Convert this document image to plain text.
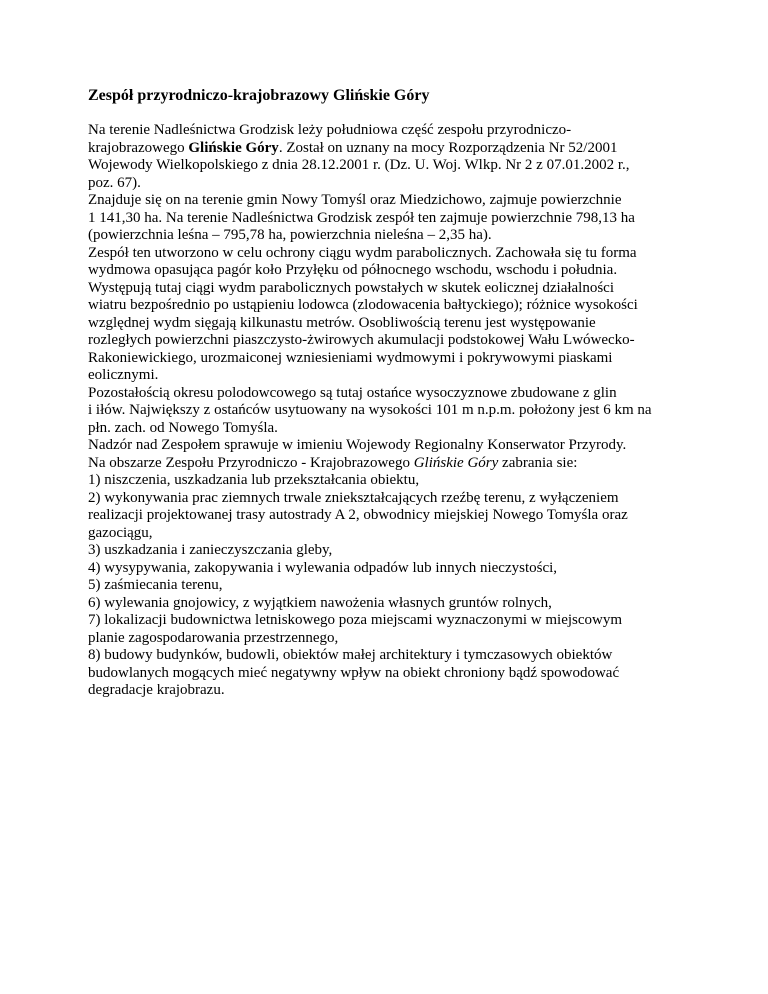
Zespół przyrodniczo-krajobrazowy Glińskie Góry
Na terenie Nadleśnictwa Grodzisk leży południowa część zespołu przyrodniczo-
krajobrazowego Glińskie Góry. Został on uznany na mocy Rozporządzenia Nr 52/2001
Wojewody Wielkopolskiego z dnia 28.12.2001 r. (Dz. U. Woj. Wlkp. Nr 2 z 07.01.2002 r.,
poz. 67).
Znajduje się on na terenie gmin Nowy Tomyśl oraz Miedzichowo, zajmuje powierzchnie
1 141,30 ha. Na terenie Nadleśnictwa Grodzisk zespół ten zajmuje powierzchnie 798,13 ha
(powierzchnia leśna – 795,78 ha, powierzchnia nieleśna – 2,35 ha).
Zespół ten utworzono w celu ochrony ciągu wydm parabolicznych. Zachowała się tu forma
wydmowa opasująca pagór koło Przyłęku od północnego wschodu, wschodu i południa.
Występują tutaj ciągi wydm parabolicznych powstałych w skutek eolicznej działalności
wiatru bezpośrednio po ustąpieniu lodowca (zlodowacenia bałtyckiego); różnice wysokości
względnej wydm sięgają kilkunastu metrów. Osobliwością terenu jest występowanie
rozległych powierzchni piaszczysto-żwirowych akumulacji podstokowej Wału Lwówecko-
Rakoniewickiego, urozmaiconej wzniesieniami wydmowymi i pokrywowymi piaskami
eolicznymi.
Pozostałością okresu polodowcowego są tutaj ostańce wysoczyznowe zbudowane z glin
i iłów. Największy z ostańców usytuowany na wysokości 101 m n.p.m. położony jest 6 km na
płn. zach. od Nowego Tomyśla.
Nadzór nad Zespołem sprawuje w imieniu Wojewody Regionalny Konserwator Przyrody.
Na obszarze Zespołu Przyrodniczo - Krajobrazowego Glińskie Góry zabrania sie:
1) niszczenia, uszkadzania lub przekształcania obiektu,
2) wykonywania prac ziemnych trwale zniekształcających rzeźbę terenu, z wyłączeniem
realizacji projektowanej trasy autostrady A 2, obwodnicy miejskiej Nowego Tomyśla oraz
gazociągu,
3) uszkadzania i zanieczyszczania gleby,
4) wysypywania, zakopywania i wylewania odpadów lub innych nieczystości,
5) zaśmiecania terenu,
6) wylewania gnojowicy, z wyjątkiem nawożenia własnych gruntów rolnych,
7) lokalizacji budownictwa letniskowego poza miejscami wyznaczonymi w miejscowym
planie zagospodarowania przestrzennego,
8) budowy budynków, budowli, obiektów małej architektury i tymczasowych obiektów
budowlanych mogących mieć negatywny wpływ na obiekt chroniony bądź spowodować
degradacje krajobrazu.
